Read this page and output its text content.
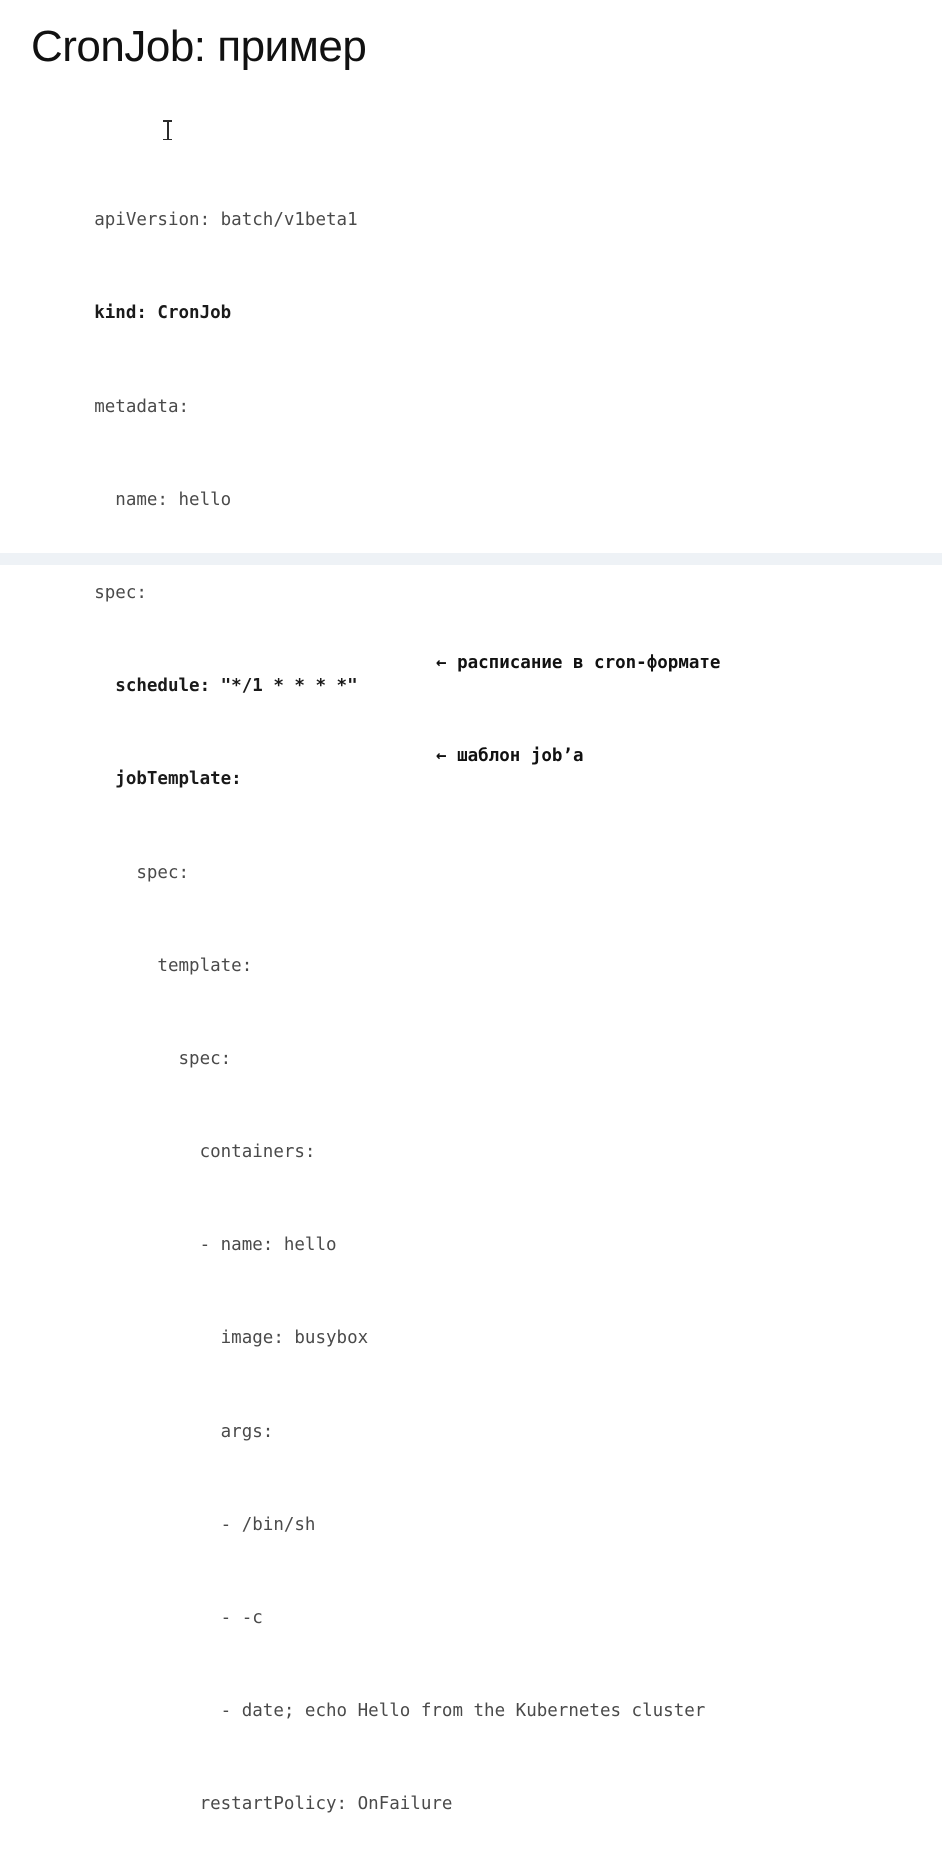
CronJob: пример

apiVersion: batch/v1beta1

kind: CronJob

metadata:

name: hello

spec:

schedule: "*/1 * * * *"

← расписание в cron-формате

jobTemplate:

← шаблон job’a

spec:

template:

spec:

containers:

- name: hello

image: busybox

args:

- /bin/sh

- -c

- date; echo Hello from the Kubernetes cluster

restartPolicy: OnFailure
